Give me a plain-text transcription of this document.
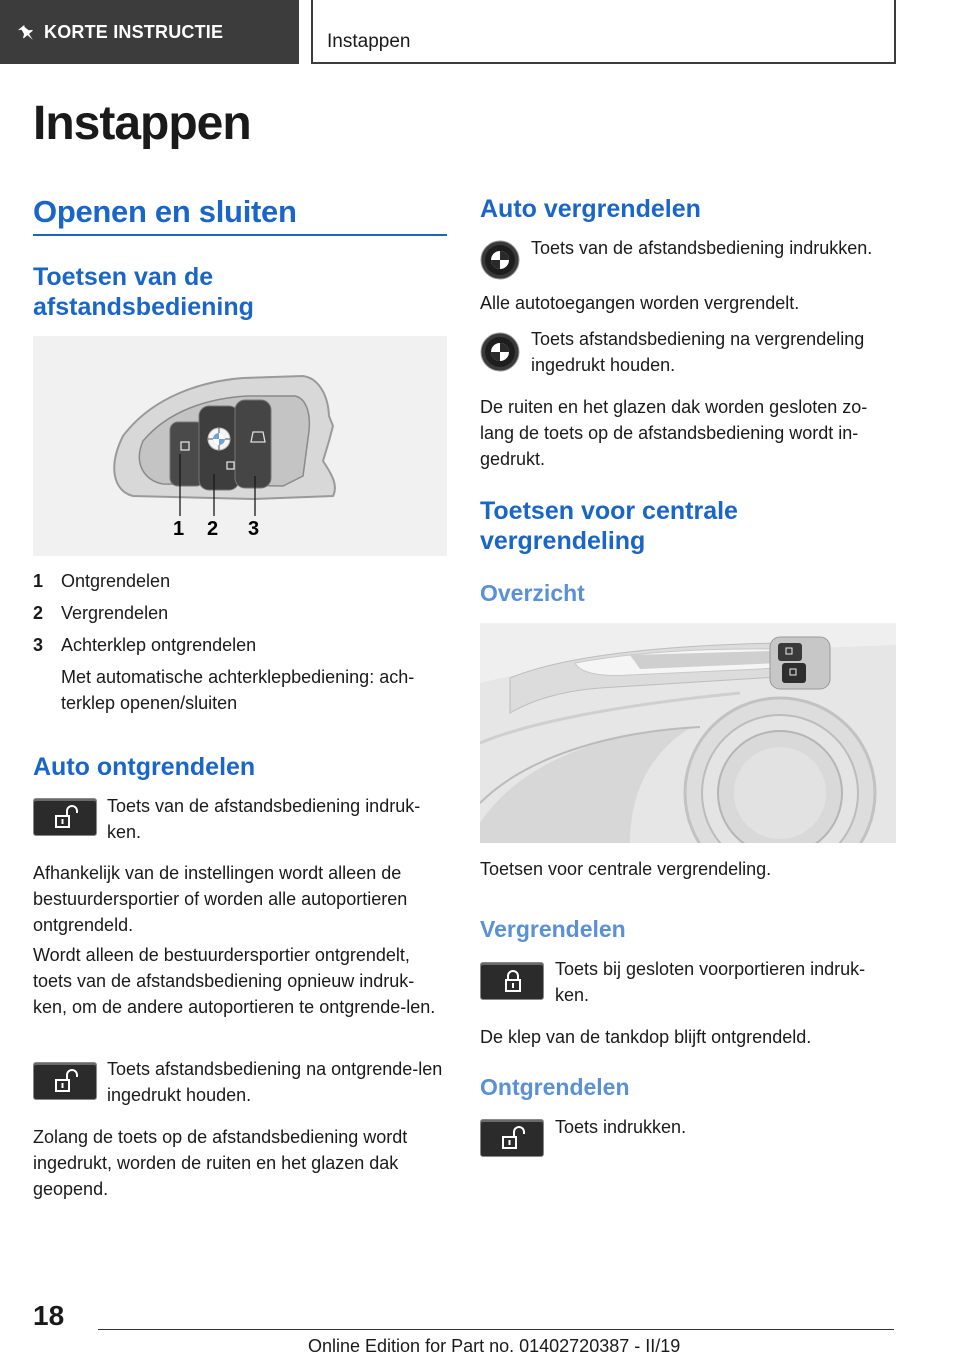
KORTE INSTRUCTIE	Instappen
Instappen
Openen en sluiten
Toetsen van de afstandsbediening
1 2 3
1 Ontgrendelen
2 Vergrendelen
3 Achterklep ontgrendelen
Met automatische achterklepbediening: ach-terklep openen/sluiten
Auto ontgrendelen
Toets van de afstandsbediening indruk-ken.
Afhankelijk van de instellingen wordt alleen de bestuurdersportier of worden alle autoportieren ontgrendeld.
Wordt alleen de bestuurdersportier ontgrendelt, toets van de afstandsbediening opnieuw indruk-ken, om de andere autoportieren te ontgrende-len.
Toets afstandsbediening na ontgrende-len ingedrukt houden.
Zolang de toets op de afstandsbediening wordt ingedrukt, worden de ruiten en het glazen dak geopend.
Auto vergrendelen
Toets van de afstandsbediening indrukken.
Alle autotoegangen worden vergrendelt.
Toets afstandsbediening na vergrendeling ingedrukt houden.
De ruiten en het glazen dak worden gesloten zo-lang de toets op de afstandsbediening wordt in-gedrukt.
Toetsen voor centrale vergrendeling
Overzicht
Toetsen voor centrale vergrendeling.
Vergrendelen
Toets bij gesloten voorportieren indruk-ken.
De klep van de tankdop blijft ontgrendeld.
Ontgrendelen
Toets indrukken.
18
Online Edition for Part no. 01402720387 - II/19
